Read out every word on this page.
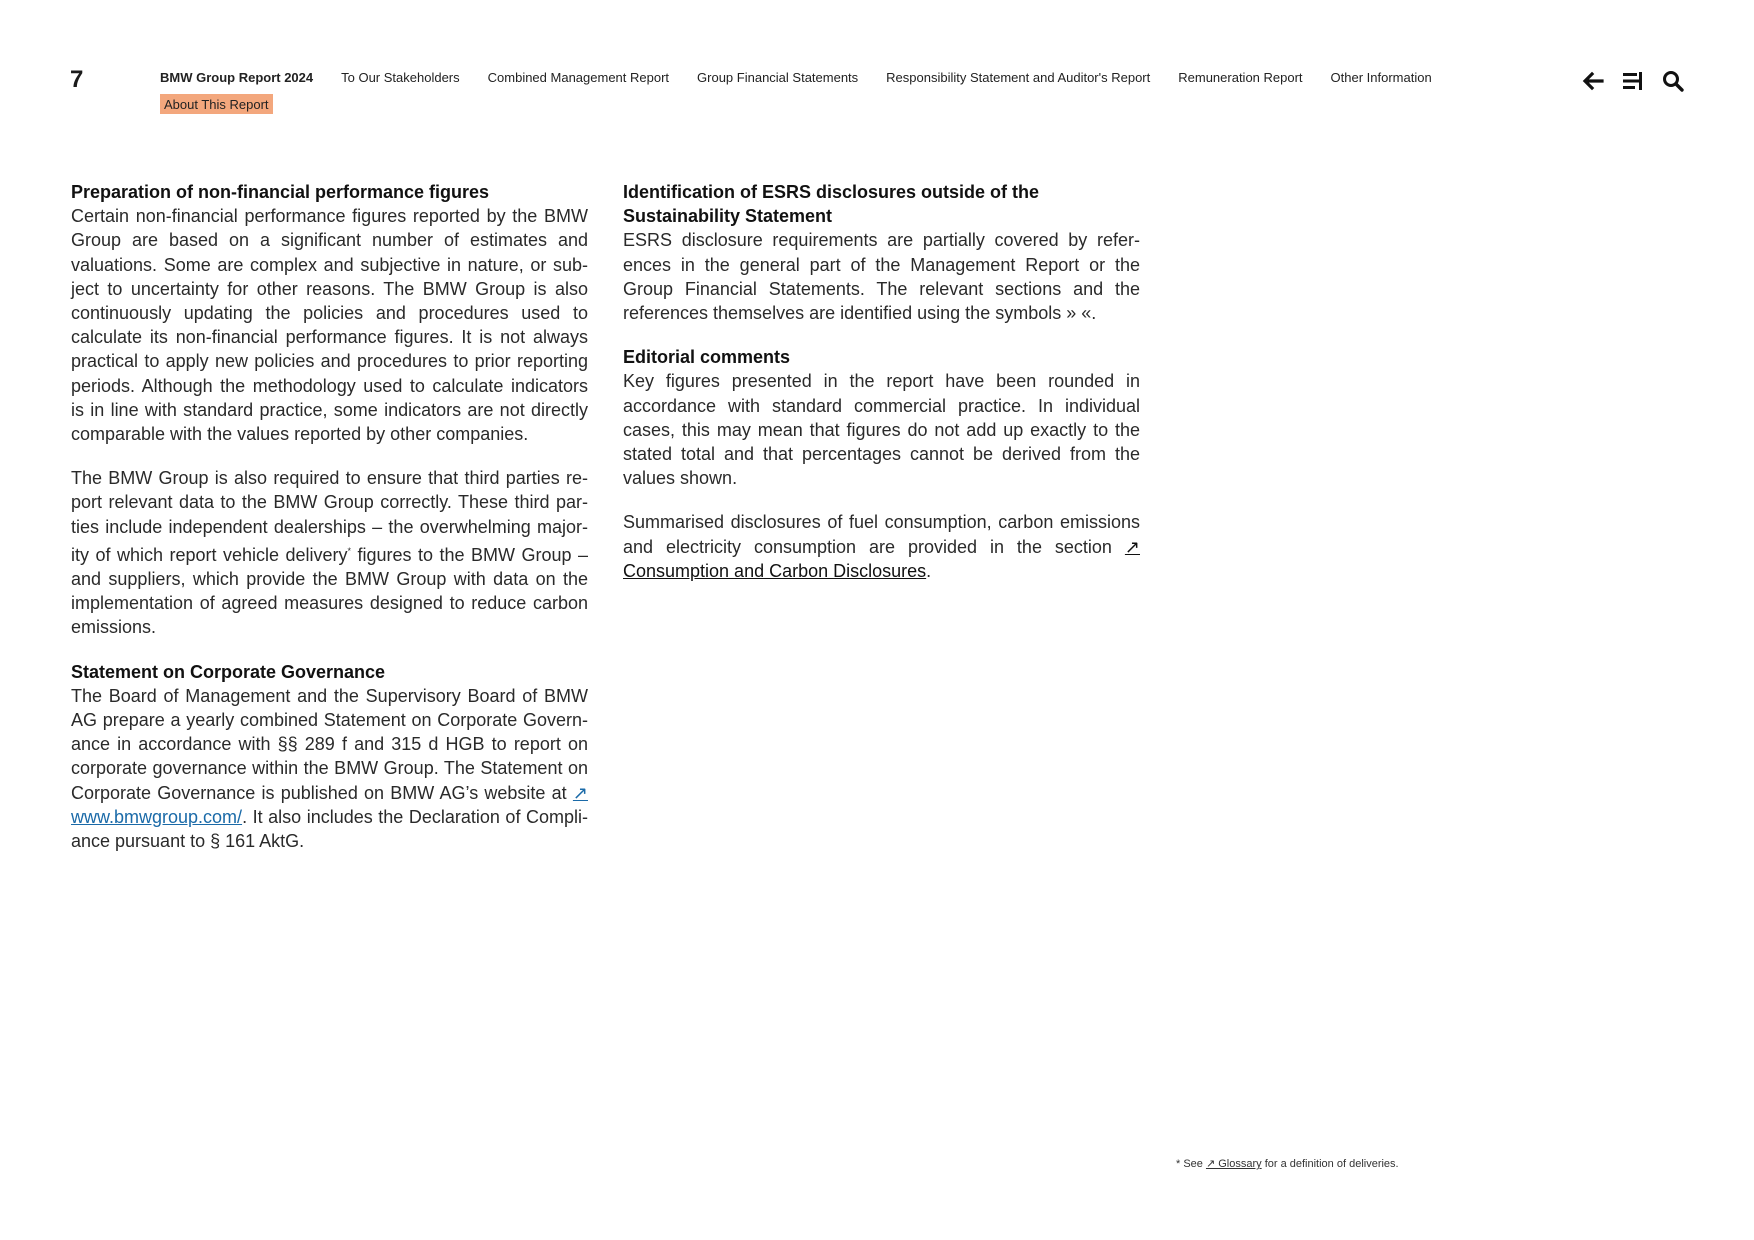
7	BMW Group Report 2024 To Our Stakeholders Combined Management Report Group Financial Statements Responsibility Statement and Auditor's Report Remuneration Report Other Information
About This Report
Preparation of non-financial performance figures
Certain non-financial performance figures reported by the BMW Group are based on a significant number of estimates and valuations. Some are complex and subjective in nature, or subject to uncertainty for other reasons. The BMW Group is also continuously updating the policies and procedures used to calculate its non-financial performance figures. It is not always practical to apply new policies and procedures to prior reporting periods. Although the methodology used to calculate indicators is in line with standard practice, some indicators are not directly comparable with the values reported by other companies.
The BMW Group is also required to ensure that third parties report relevant data to the BMW Group correctly. These third parties include independent dealerships – the overwhelming majority of which report vehicle delivery* figures to the BMW Group – and suppliers, which provide the BMW Group with data on the implementation of agreed measures designed to reduce carbon emissions.
Statement on Corporate Governance
The Board of Management and the Supervisory Board of BMW AG prepare a yearly combined Statement on Corporate Governance in accordance with §§ 289 f and 315 d HGB to report on corporate governance within the BMW Group. The Statement on Corporate Governance is published on BMW AG’s website at ↗ www.bmwgroup.com/. It also includes the Declaration of Compliance pursuant to § 161 AktG.
Identification of ESRS disclosures outside of the Sustainability Statement
ESRS disclosure requirements are partially covered by references in the general part of the Management Report or the Group Financial Statements. The relevant sections and the references themselves are identified using the symbols » «.
Editorial comments
Key figures presented in the report have been rounded in accordance with standard commercial practice. In individual cases, this may mean that figures do not add up exactly to the stated total and that percentages cannot be derived from the values shown.
Summarised disclosures of fuel consumption, carbon emissions and electricity consumption are provided in the section ↗ Consumption and Carbon Disclosures.
* See ↗ Glossary for a definition of deliveries.
